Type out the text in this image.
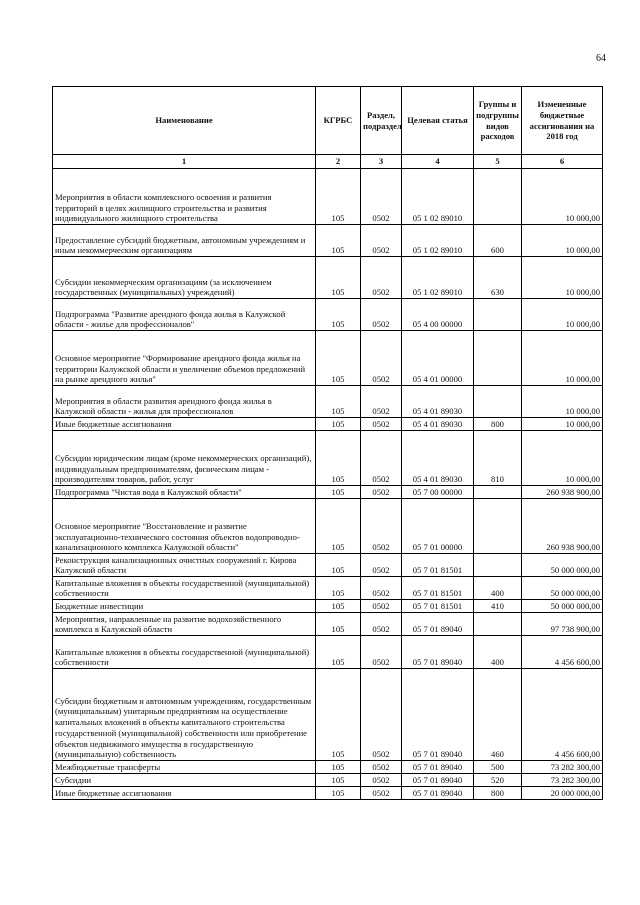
64
Наименование	КГРБС	Раздел, подраздел	Целевая статья	Группы и подгруппы видов расходов	Измененные бюджетные ассигнования на 2018 год
1	2	3	4	5	6
Мероприятия в области комплексного освоения и развития территорий в целях жилищного строительства и развития индивидуального жилищного строительства	105	0502	05 1 02 89010		10 000,00
Предоставление субсидий бюджетным, автономным учреждениям и иным некоммерческим организациям	105	0502	05 1 02 89010	600	10 000,00
Субсидии некоммерческим организациям (за исключением государственных (муниципальных) учреждений)	105	0502	05 1 02 89010	630	10 000,00
Подпрограмма "Развитие арендного фонда жилья в Калужской области - жилье для профессионалов"	105	0502	05 4 00 00000		10 000,00
Основное мероприятие "Формирование арендного фонда жилья на территории Калужской области и увеличение объемов предложений на рынке арендного жилья"	105	0502	05 4 01 00000		10 000,00
Мероприятия в области развития арендного фонда жилья в Калужской области - жилья для профессионалов	105	0502	05 4 01 89030		10 000,00
Иные бюджетные ассигнования	105	0502	05 4 01 89030	800	10 000,00
Субсидии юридическим лицам (кроме некоммерческих организаций), индивидуальным предпринимателям, физическим лицам - производителям товаров, работ, услуг	105	0502	05 4 01 89030	810	10 000,00
Подпрограмма "Чистая вода в Калужской области"	105	0502	05 7 00 00000		260 938 900,00
Основное мероприятие "Восстановление и развитие эксплуатационно-технического состояния объектов водопроводно-канализационного комплекса Калужской области"	105	0502	05 7 01 00000		260 938 900,00
Реконструкция канализационных очистных сооружений г. Кирова Калужской области	105	0502	05 7 01 81501		50 000 000,00
Капитальные вложения в объекты государственной (муниципальной) собственности	105	0502	05 7 01 81501	400	50 000 000,00
Бюджетные инвестиции	105	0502	05 7 01 81501	410	50 000 000,00
Мероприятия, направленные на развитие водохозяйственного комплекса в Калужской области	105	0502	05 7 01 89040		97 738 900,00
Капитальные вложения в объекты государственной (муниципальной) собственности	105	0502	05 7 01 89040	400	4 456 600,00
Субсидии бюджетным и автономным учреждениям, государственным (муниципальным) унитарным предприятиям на осуществление капитальных вложений в объекты капитального строительства государственной (муниципальной) собственности или приобретение объектов недвижимого имущества в государственную (муниципальную) собственность	105	0502	05 7 01 89040	460	4 456 600,00
Межбюджетные трансферты	105	0502	05 7 01 89040	500	73 282 300,00
Субсидии	105	0502	05 7 01 89040	520	73 282 300,00
Иные бюджетные ассигнования	105	0502	05 7 01 89040	800	20 000 000,00
